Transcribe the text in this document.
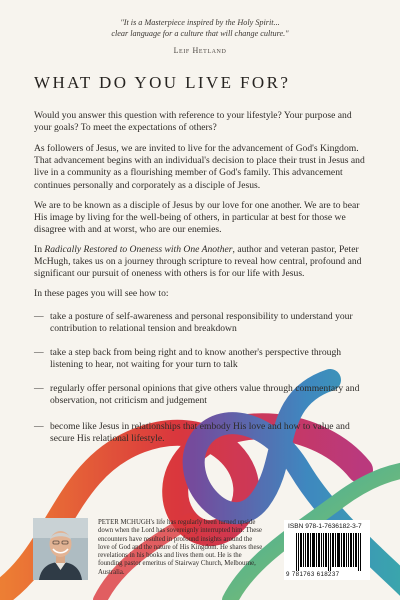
"It is a Masterpiece inspired by the Holy Spirit...
clear language for a culture that will change culture."
Leif Hetland
WHAT DO YOU LIVE FOR?

Would you answer this question with reference to your lifestyle? Your purpose and your goals? To meet the expectations of others?

As followers of Jesus, we are invited to live for the advancement of God's Kingdom. That advancement begins with an individual's decision to place their trust in Jesus and live in a community as a flourishing member of God's family. This advancement continues personally and corporately as a disciple of Jesus.

We are to be known as a disciple of Jesus by our love for one another. We are to bear His image by living for the well-being of others, in particular at best for those we disagree with and at worst, who are our enemies.

In Radically Restored to Oneness with One Another, author and veteran pastor, Peter McHugh, takes us on a journey through scripture to reveal how central, profound and significant our pursuit of oneness with others is for our life with Jesus.

In these pages you will see how to:

— take a posture of self-awareness and personal responsibility to understand your contribution to relational tension and breakdown
— take a step back from being right and to know another's perspective through listening to hear, not waiting for your turn to talk
— regularly offer personal opinions that give others value through commentary and observation, not criticism and judgement
— become like Jesus in relationships that embody His love and how to value and secure His relational lifestyle.

PETER MCHUGH's life has regularly been turned upside down when the Lord has sovereignly interrupted him. These encounters have resulted in profound insights around the love of God and the nature of His Kingdom. He shares these revelations in his books and lives them out. He is the founding pastor emeritus of Stairway Church, Melbourne, Australia.

ISBN 978-1-7636182-3-7
9 781763 618237
